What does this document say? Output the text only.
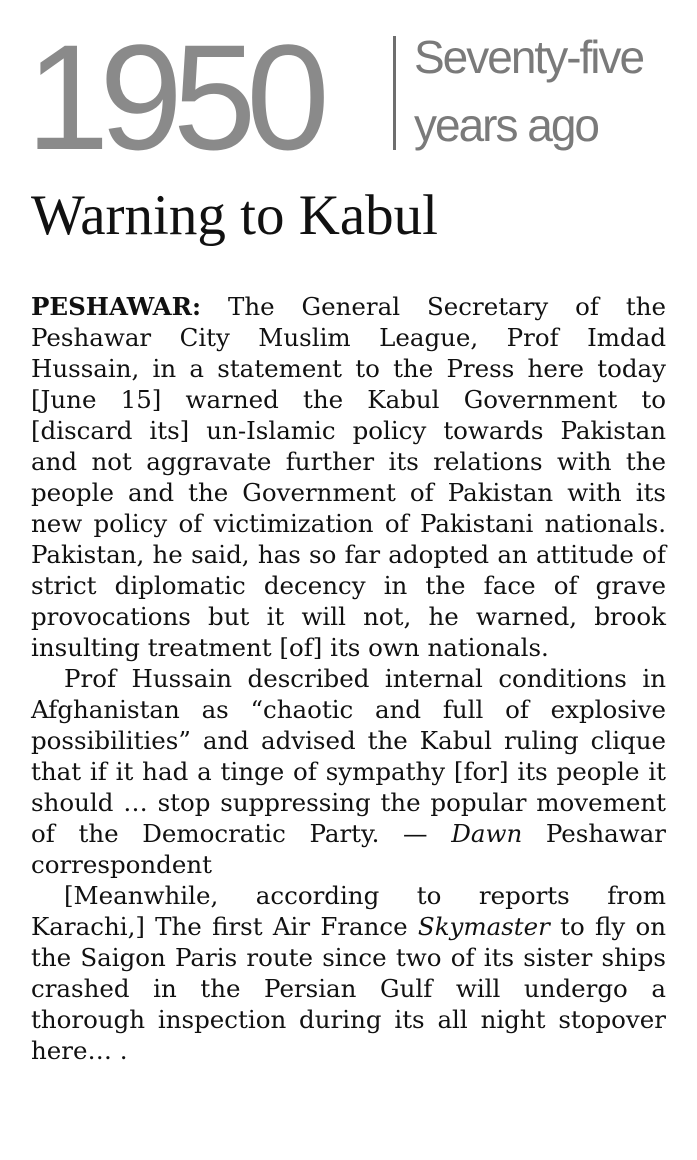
1950 Seventy-five
years ago
Warning to Kabul

PESHAWAR: The General Secretary of the Peshawar City Muslim League, Prof Imdad Hussain, in a statement to the Press here today [June 15] warned the Kabul Government to [discard its] un-Islamic policy towards Pakistan and not aggravate further its relations with the people and the Government of Pakistan with its new policy of victimization of Pakistani nationals. Pakistan, he said, has so far adopted an attitude of strict diplomatic decency in the face of grave provocations but it will not, he warned, brook insulting treatment [of] its own nationals.

Prof Hussain described internal conditions in Afghanistan as “chaotic and full of explosive possibilities” and advised the Kabul ruling clique that if it had a tinge of sympathy [for] its people it should … stop suppressing the popular movement of the Democratic Party. — Dawn Peshawar correspondent

[Meanwhile, according to reports from Karachi,] The first Air France Skymaster to fly on the Saigon Paris route since two of its sister ships crashed in the Persian Gulf will undergo a thorough inspection during its all night stopover here… .
